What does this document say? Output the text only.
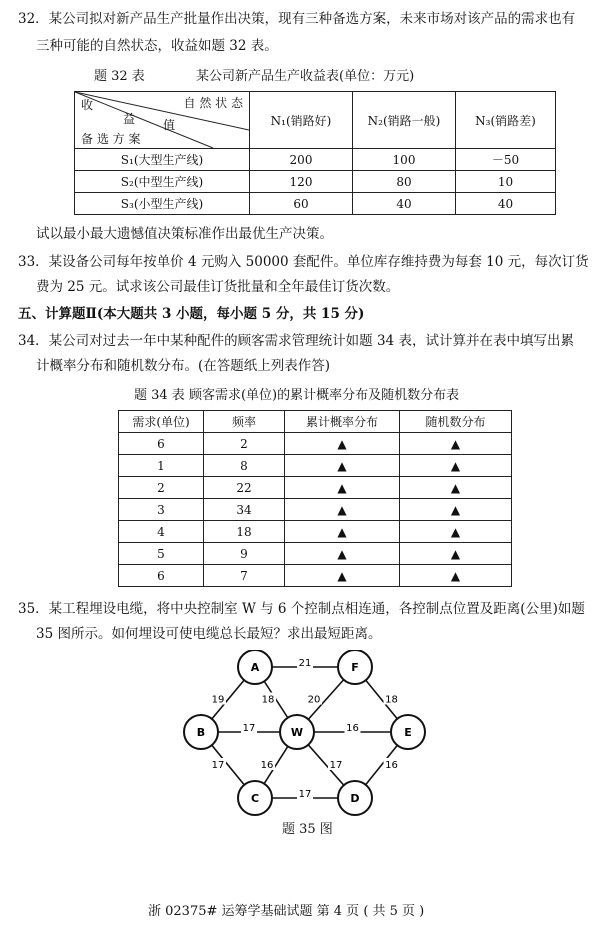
32．某公司拟对新产品生产批量作出决策，现有三种备选方案，未来市场对该产品的需求也有
三种可能的自然状态，收益如题 32 表。
题 32 表	某公司新产品生产收益表(单位：万元)
自 然 状 态
收
益 值
备 选 方 案	N₁(销路好)	N₂(销路一般)	N₃(销路差)
S₁(大型生产线)	200	100	－50
S₂(中型生产线)	120	80	10
S₃(小型生产线)	60	40	40
试以最小最大遗憾值决策标准作出最优生产决策。
33．某设备公司每年按单价 4 元购入 50000 套配件。单位库存维持费为每套 10 元，每次订货
费为 25 元。试求该公司最佳订货批量和全年最佳订货次数。
五、计算题Ⅱ(本大题共 3 小题，每小题 5 分，共 15 分)
34．某公司对过去一年中某种配件的顾客需求管理统计如题 34 表，试计算并在表中填写出累
计概率分布和随机数分布。(在答题纸上列表作答)
题 34 表 顾客需求(单位)的累计概率分布及随机数分布表
需求(单位)	频率	累计概率分布	随机数分布
6	2	▲	▲
1	8	▲	▲
2	22	▲	▲
3	34	▲	▲
4	18	▲	▲
5	9	▲	▲
6	7	▲	▲
35．某工程埋设电缆，将中央控制室 W 与 6 个控制点相连通，各控制点位置及距离(公里)如题
35 图所示。如何埋设可使电缆总长最短？求出最短距离。
21
19	18	20	18
17	16
17	16	17	16
17
A	F
B	W	E
C	D
题 35 图
浙 02375# 运筹学基础试题 第 4 页 ( 共 5 页 )
